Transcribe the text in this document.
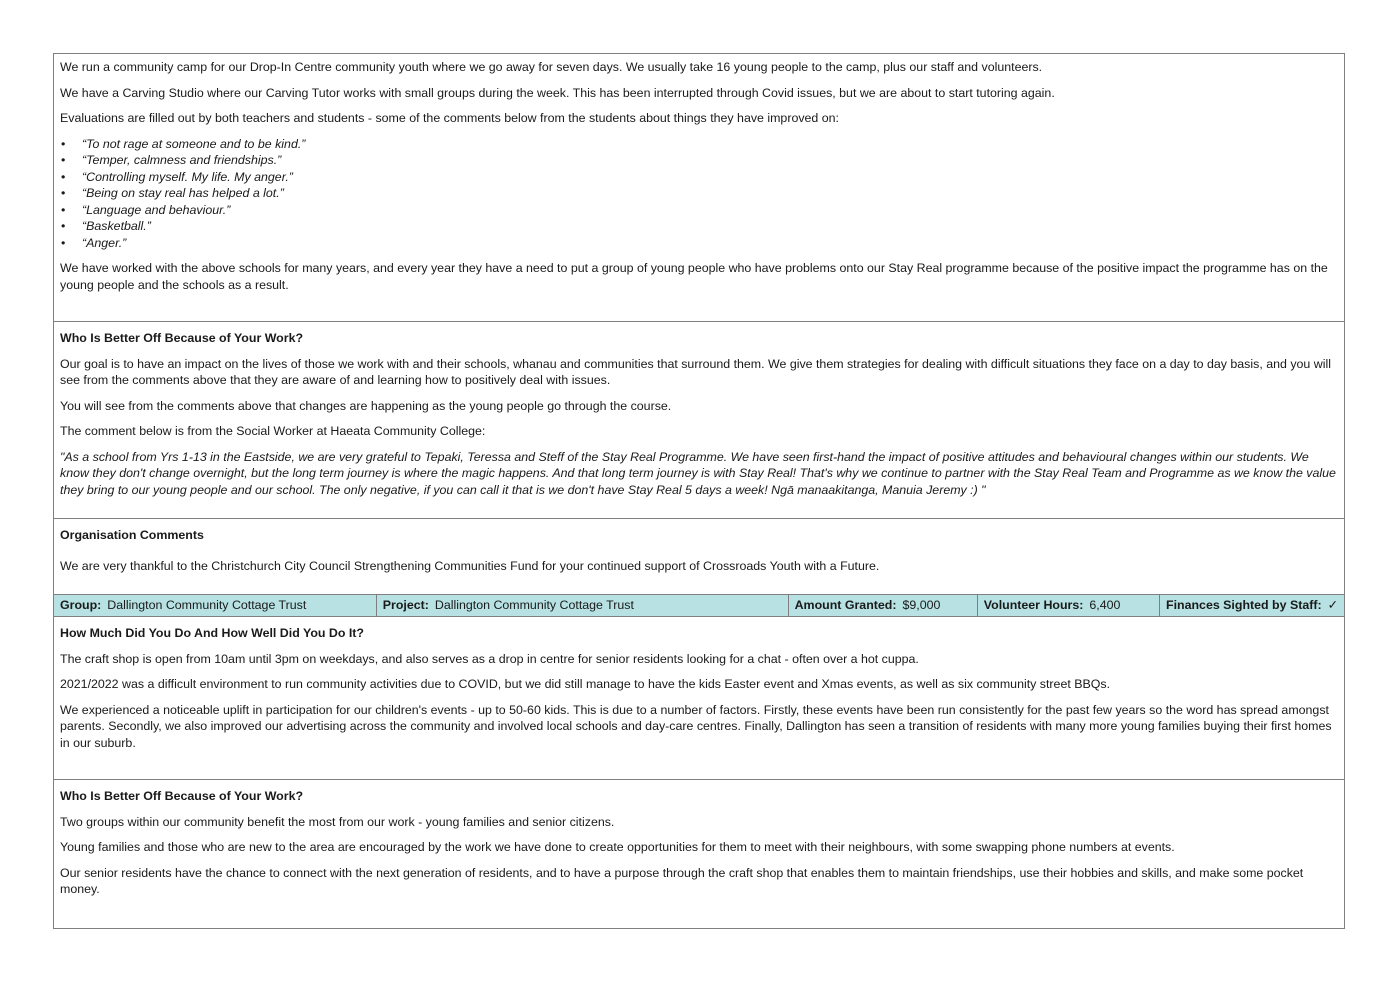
We run a community camp for our Drop-In Centre community youth where we go away for seven days. We usually take 16 young people to the camp, plus our staff and volunteers.

We have a Carving Studio where our Carving Tutor works with small groups during the week. This has been interrupted through Covid issues, but we are about to start tutoring again.

Evaluations are filled out by both teachers and students - some of the comments below from the students about things they have improved on:

• “To not rage at someone and to be kind.”
• “Temper, calmness and friendships.”
• “Controlling myself. My life. My anger.”
• “Being on stay real has helped a lot.”
• “Language and behaviour.”
• “Basketball.”
• “Anger.”

We have worked with the above schools for many years, and every year they have a need to put a group of young people who have problems onto our Stay Real programme because of the positive impact the programme has on the young people and the schools as a result.

Who Is Better Off Because of Your Work?

Our goal is to have an impact on the lives of those we work with and their schools, whanau and communities that surround them. We give them strategies for dealing with difficult situations they face on a day to day basis, and you will see from the comments above that they are aware of and learning how to positively deal with issues.

You will see from the comments above that changes are happening as the young people go through the course.

The comment below is from the Social Worker at Haeata Community College:

"As a school from Yrs 1-13 in the Eastside, we are very grateful to Tepaki, Teressa and Steff of the Stay Real Programme. We have seen first-hand the impact of positive attitudes and behavioural changes within our students. We know they don't change overnight, but the long term journey is where the magic happens. And that long term journey is with Stay Real! That's why we continue to partner with the Stay Real Team and Programme as we know the value they bring to our young people and our school. The only negative, if you can call it that is we don't have Stay Real 5 days a week! Ngā manaakitanga, Manuia Jeremy :) "

Organisation Comments

We are very thankful to the Christchurch City Council Strengthening Communities Fund for your continued support of Crossroads Youth with a Future.

Group: Dallington Community Cottage Trust	Project: Dallington Community Cottage Trust	Amount Granted: $9,000	Volunteer Hours: 6,400	Finances Sighted by Staff: ✓

How Much Did You Do And How Well Did You Do It?

The craft shop is open from 10am until 3pm on weekdays, and also serves as a drop in centre for senior residents looking for a chat - often over a hot cuppa.

2021/2022 was a difficult environment to run community activities due to COVID, but we did still manage to have the kids Easter event and Xmas events, as well as six community street BBQs.

We experienced a noticeable uplift in participation for our children's events - up to 50-60 kids. This is due to a number of factors. Firstly, these events have been run consistently for the past few years so the word has spread amongst parents. Secondly, we also improved our advertising across the community and involved local schools and day-care centres. Finally, Dallington has seen a transition of residents with many more young families buying their first homes in our suburb.

Who Is Better Off Because of Your Work?

Two groups within our community benefit the most from our work - young families and senior citizens.

Young families and those who are new to the area are encouraged by the work we have done to create opportunities for them to meet with their neighbours, with some swapping phone numbers at events.

Our senior residents have the chance to connect with the next generation of residents, and to have a purpose through the craft shop that enables them to maintain friendships, use their hobbies and skills, and make some pocket money.
